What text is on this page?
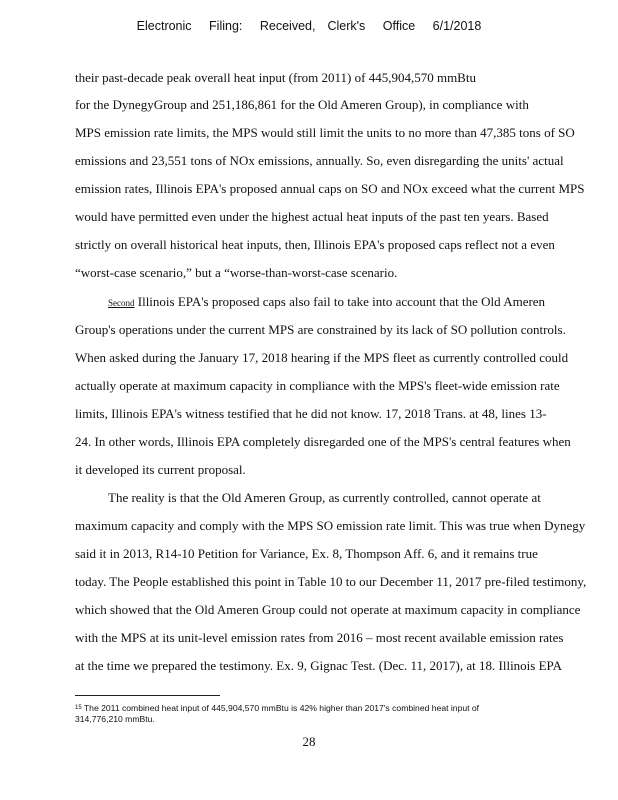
Electronic Filing: Received, Clerk's Office 6/1/2018
their past-decade peak overall heat input (from 2011) of 445,904,570 mmBtu
for the DynegyGroup and 251,186,861 for the Old Ameren Group), in compliance with
MPS emission rate limits, the MPS would still limit the units to no more than 47,385 tons of SO
emissions and 23,551 tons of NOx emissions, annually. So, even disregarding the units' actual
emission rates, Illinois EPA's proposed annual caps on SO and NOx exceed what the current MPS
would have permitted even under the highest actual heat inputs of the past ten years. Based
strictly on overall historical heat inputs, then, Illinois EPA's proposed caps reflect not a even
“worst-case scenario,” but a “worse-than-worst-case scenario.
Second Illinois EPA's proposed caps also fail to take into account that the Old Ameren
Group's operations under the current MPS are constrained by its lack of SO pollution controls.
When asked during the January 17, 2018 hearing if the MPS fleet as currently controlled could
actually operate at maximum capacity in compliance with the MPS's fleet-wide emission rate
limits, Illinois EPA's witness testified that he did not know. 17, 2018 Trans. at 48, lines 13-
24. In other words, Illinois EPA completely disregarded one of the MPS's central features when
it developed its current proposal.
The reality is that the Old Ameren Group, as currently controlled, cannot operate at
maximum capacity and comply with the MPS SO emission rate limit. This was true when Dynegy
said it in 2013, R14-10 Petition for Variance, Ex. 8, Thompson Aff. 6, and it remains true
today. The People established this point in Table 10 to our December 11, 2017 pre-filed testimony,
which showed that the Old Ameren Group could not operate at maximum capacity in compliance
with the MPS at its unit-level emission rates from 2016 – most recent available emission rates
at the time we prepared the testimony. Ex. 9, Gignac Test. (Dec. 11, 2017), at 18. Illinois EPA
$^{15}$ The 2011 combined heat input of 445,904,570 mmBtu is 42% higher than 2017's combined heat input of
314,776,210 mmBtu.
28
